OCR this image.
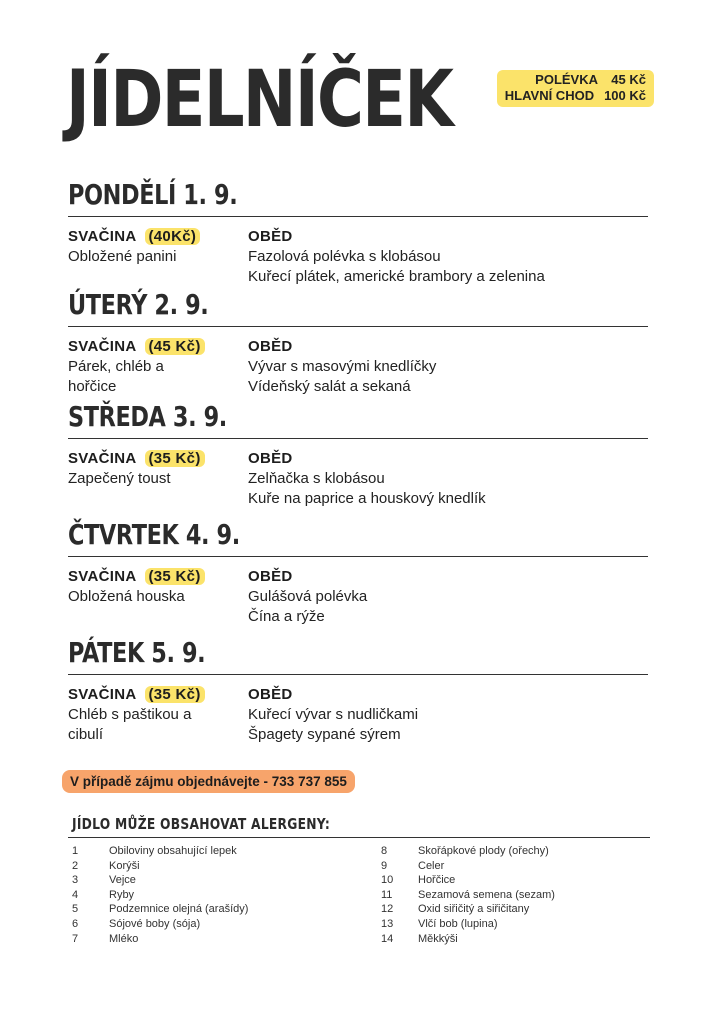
JÍDELNÍČEK	POLÉVKA 45 Kč
HLAVNÍ CHOD 100 Kč
PONDĚLÍ 1. 9.
SVAČINA (40Kč)
Obložené panini
OBĚD
Fazolová polévka s klobásou
Kuřecí plátek, americké brambory a zelenina
ÚTERÝ 2. 9.
SVAČINA (45 Kč)
Párek, chléb a
hořčice
OBĚD
Vývar s masovými knedlíčky
Vídeňský salát a sekaná
STŘEDA 3. 9.
SVAČINA (35 Kč)
Zapečený toust
OBĚD
Zelňačka s klobásou
Kuře na paprice a houskový knedlík
ČTVRTEK 4. 9.
SVAČINA (35 Kč)
Obložená houska
OBĚD
Gulášová polévka
Čína a rýže
PÁTEK 5. 9.
SVAČINA (35 Kč)
Chléb s paštikou a
cibulí
OBĚD
Kuřecí vývar s nudličkami
Špagety sypané sýrem
V případě zájmu objednávejte - 733 737 855
JÍDLO MŮŽE OBSAHOVAT ALERGENY:
1	Obiloviny obsahující lepek
2	Korýši
3	Vejce
4	Ryby
5	Podzemnice olejná (arašídy)
6	Sójové boby (sója)
7	Mléko
8	Skořápkové plody (ořechy)
9	Celer
10	Hořčice
11	Sezamová semena (sezam)
12	Oxid siřičitý a siřičitany
13	Vlčí bob (lupina)
14	Měkkýši
